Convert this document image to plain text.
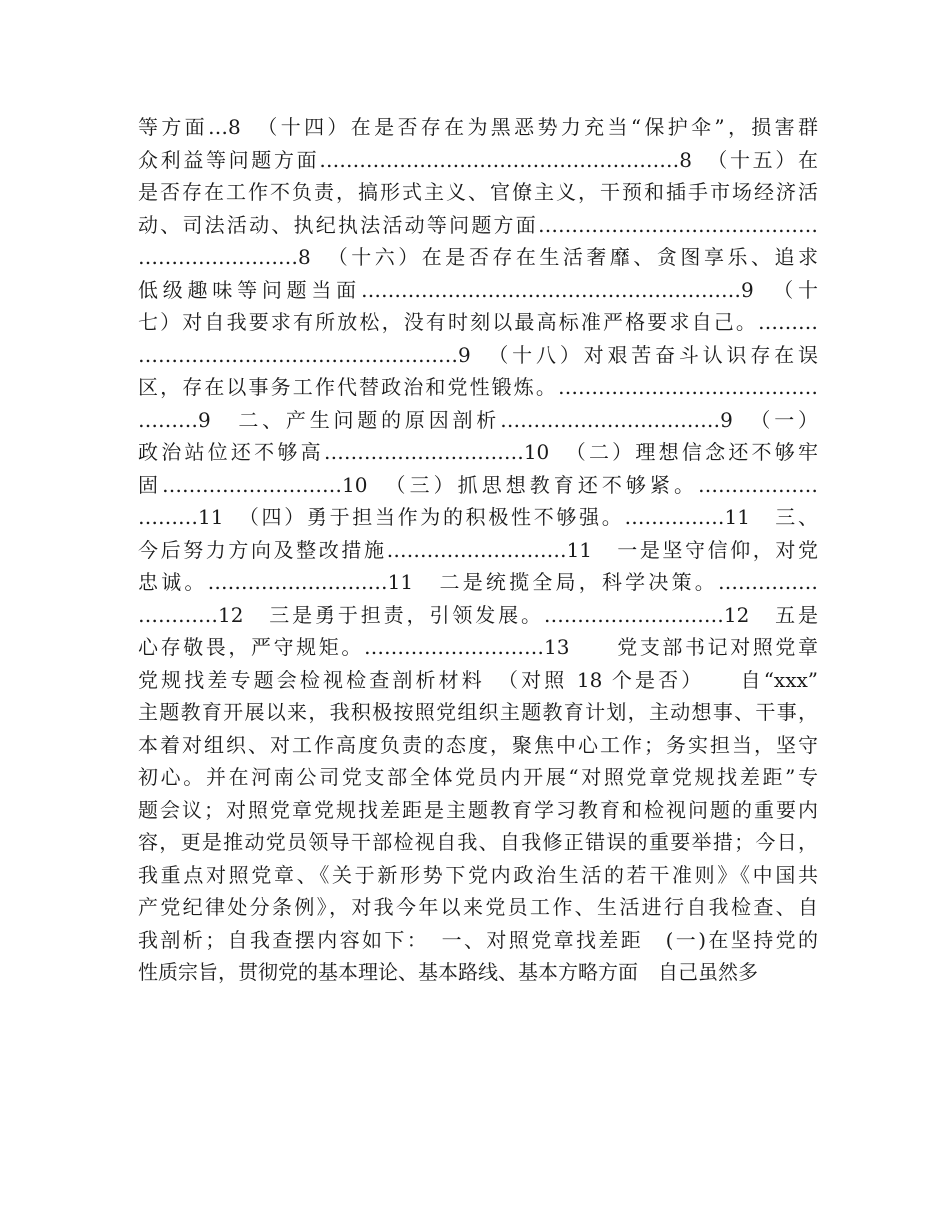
等方面…8　（十四）在是否存在为黑恶势力充当“保护伞”，损害群
众利益等问题方面………………………………………………8　（十五）在
是否存在工作不负责，搞形式主义、官僚主义，干预和插手市场经济活
动、司法活动、执纪执法活动等问题方面……………………………………
……………………8　（十六）在是否存在生活奢靡、贪图享乐、追求
低级趣味等问题当面…………………………………………………9　（十
七）对自我要求有所放松，没有时刻以最高标准严格要求自己。………
…………………………………………9　（十八）对艰苦奋斗认识存在误
区，存在以事务工作代替政治和党性锻炼。…………………………………
………9　二、产生问题的原因剖析……………………………9　（一）
政治站位还不够高…………………………10　（二）理想信念还不够牢
固………………………10　（三）抓思想教育还不够紧。………………
………11　（四）勇于担当作为的积极性不够强。……………11　三、
今后努力方向及整改措施………………………11　一是坚守信仰，对党
忠诚。………………………11　二是统揽全局，科学决策。……………
…………12　三是勇于担责，引领发展。………………………12　五是
心存敬畏，严守规矩。………………………13　　党支部书记对照党章
党规找差专题会检视检查剖析材料　（对照 18 个是否）　　自“xxx”
主题教育开展以来，我积极按照党组织主题教育计划，主动想事、干事，
本着对组织、对工作高度负责的态度，聚焦中心工作；务实担当，坚守
初心。并在河南公司党支部全体党员内开展“对照党章党规找差距”专
题会议；对照党章党规找差距是主题教育学习教育和检视问题的重要内
容，更是推动党员领导干部检视自我、自我修正错误的重要举措；今日，
我重点对照党章、《关于新形势下党内政治生活的若干准则》《中国共
产党纪律处分条例》，对我今年以来党员工作、生活进行自我检查、自
我剖析；自我查摆内容如下：　一、对照党章找差距　(一)在坚持党的
性质宗旨，贯彻党的基本理论、基本路线、基本方略方面　自己虽然多
